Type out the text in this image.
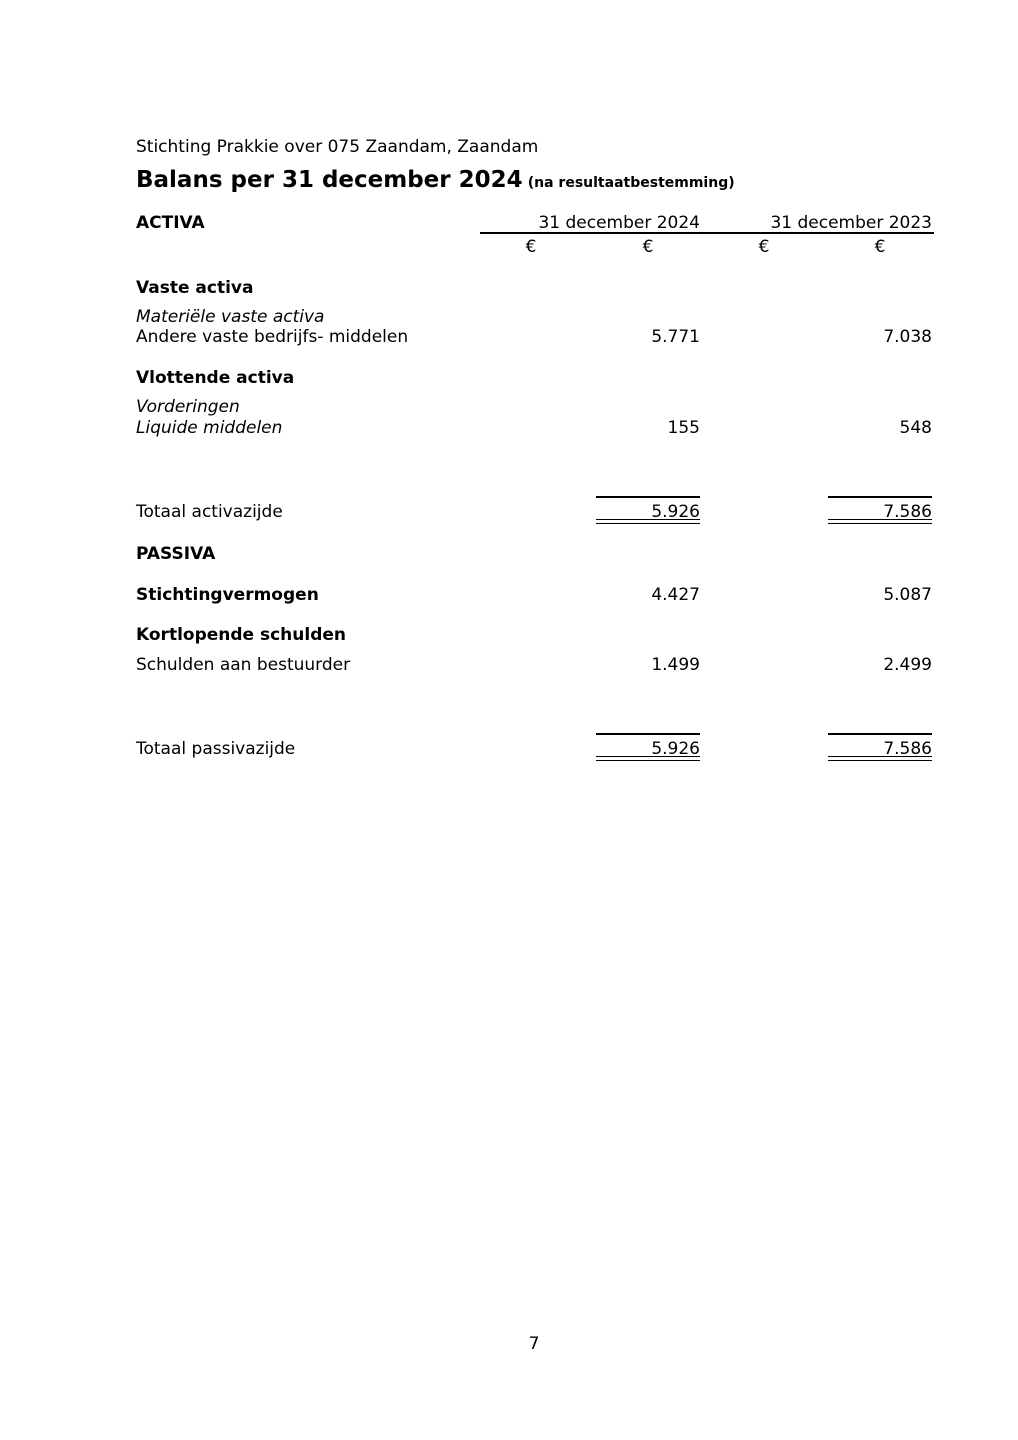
Stichting Prakkie over 075 Zaandam, Zaandam
Balans per 31 december 2024 (na resultaatbestemming)
ACTIVA	31 december 2024	31 december 2023
€	€	€	€
Vaste activa
Materiële vaste activa
Andere vaste bedrijfs- middelen	5.771	7.038
Vlottende activa
Vorderingen
Liquide middelen	155	548
Totaal activazijde	5.926	7.586
PASSIVA
Stichtingvermogen	4.427	5.087
Kortlopende schulden
Schulden aan bestuurder	1.499	2.499
Totaal passivazijde	5.926	7.586
7
